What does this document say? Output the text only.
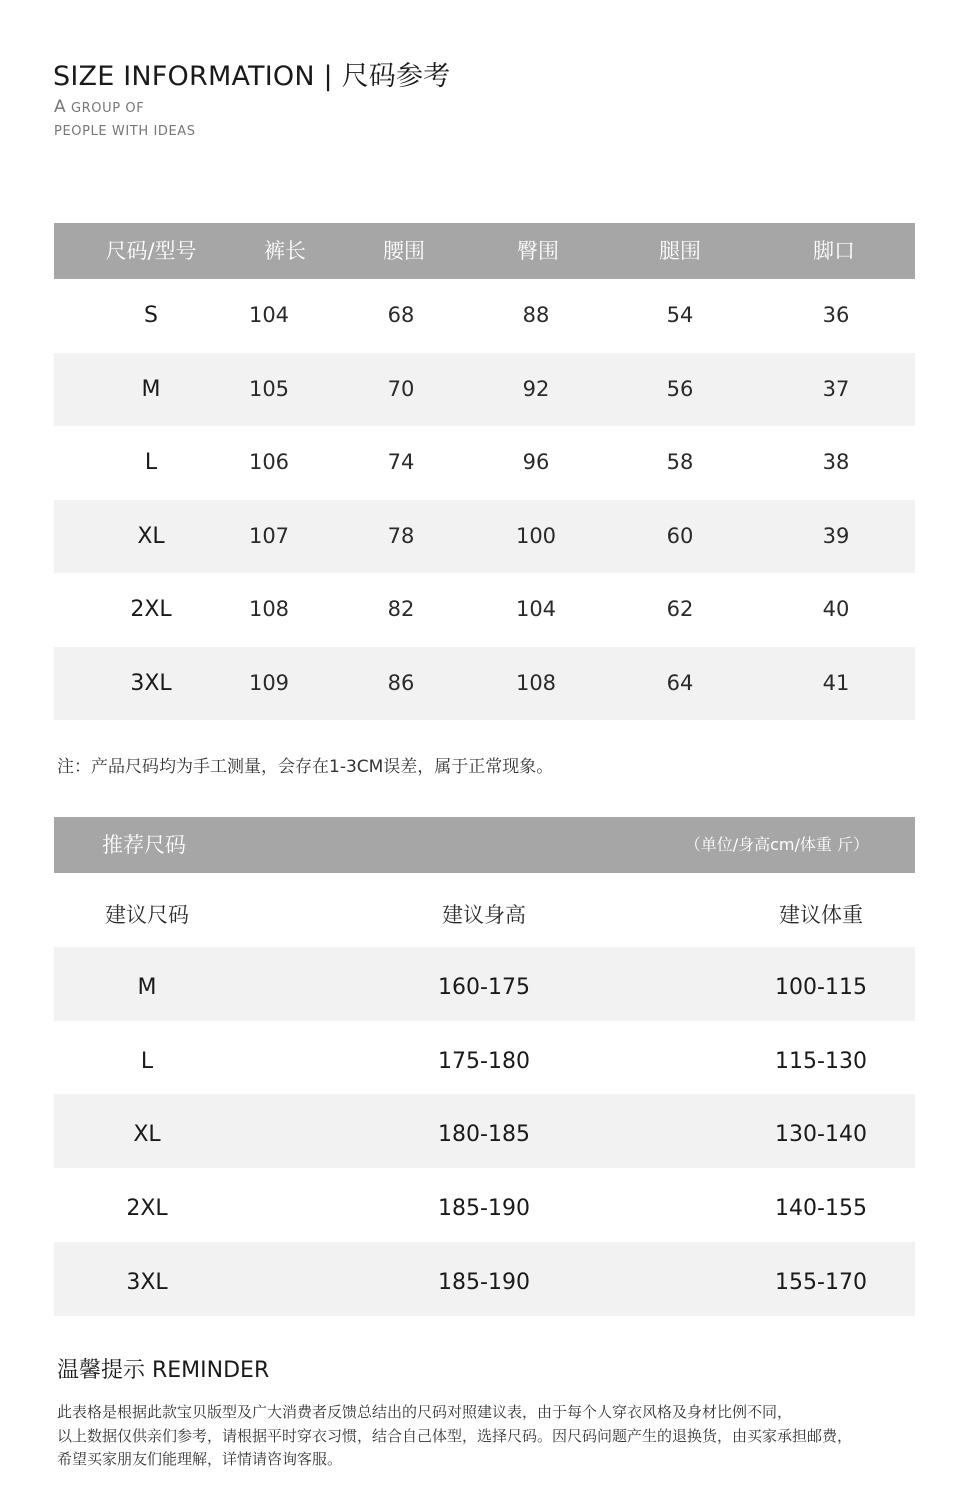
SIZE INFORMATION | 尺码参考
A GROUP OF
PEOPLE WITH IDEAS
尺码/型号	裤长	腰围	臀围	腿围	脚口
S	104	68	88	54	36
M	105	70	92	56	37
L	106	74	96	58	38
XL	107	78	100	60	39
2XL	108	82	104	62	40
3XL	109	86	108	64	41
注：产品尺码均为手工测量，会存在1-3CM误差，属于正常现象。
推荐尺码	（单位/身高cm/体重 斤）
建议尺码	建议身高	建议体重
M	160-175	100-115
L	175-180	115-130
XL	180-185	130-140
2XL	185-190	140-155
3XL	185-190	155-170
温馨提示 REMINDER
此表格是根据此款宝贝版型及广大消费者反馈总结出的尺码对照建议表，由于每个人穿衣风格及身材比例不同，
以上数据仅供亲们参考，请根据平时穿衣习惯，结合自己体型，选择尺码。因尺码问题产生的退换货，由买家承担邮费，
希望买家朋友们能理解，详情请咨询客服。
